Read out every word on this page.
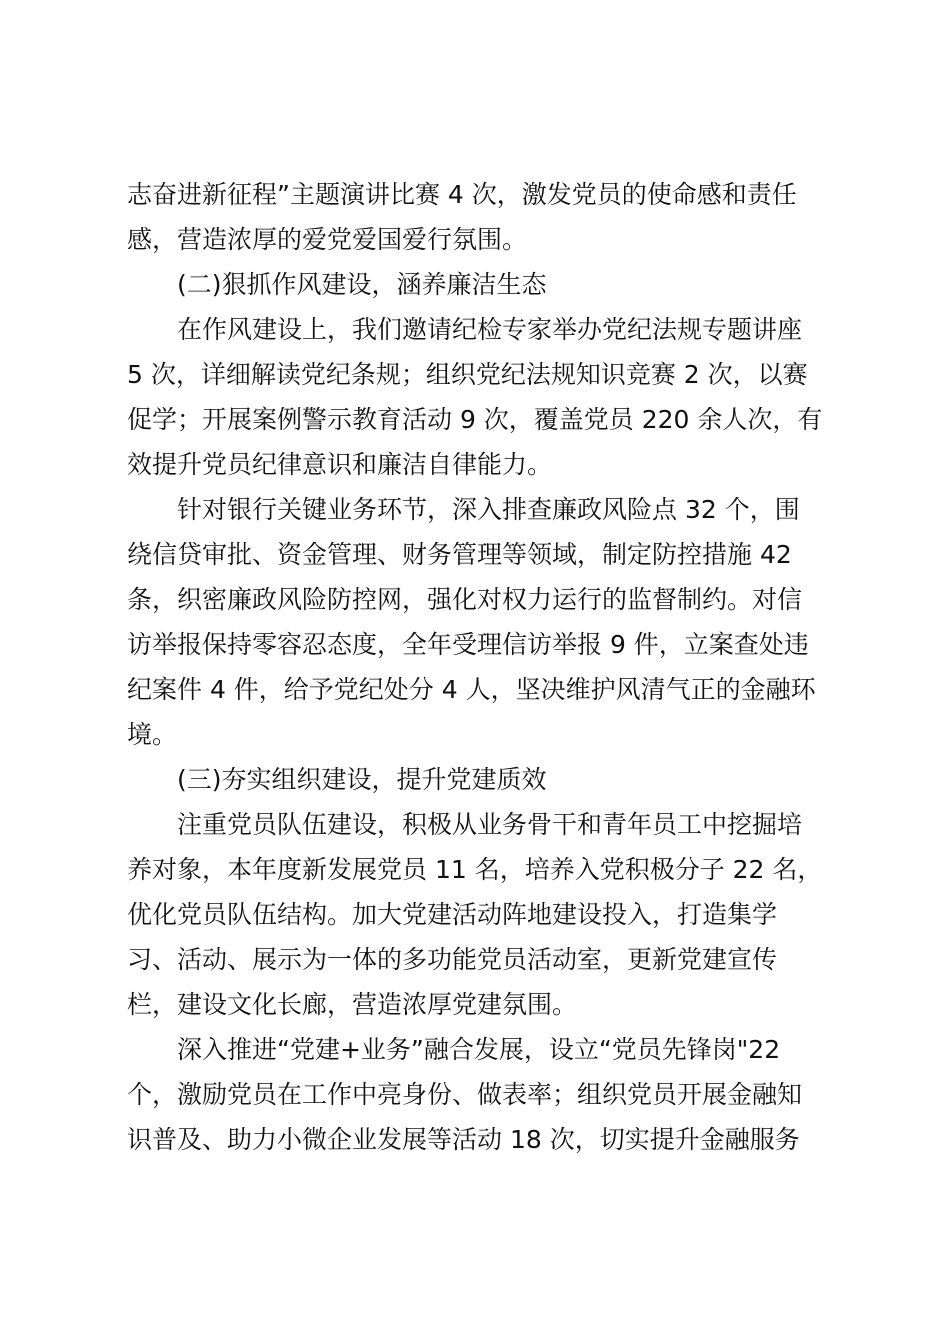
志奋进新征程”主题演讲比赛 4 次，激发党员的使命感和责任
感，营造浓厚的爱党爱国爱行氛围。
(二)狠抓作风建设，涵养廉洁生态
在作风建设上，我们邀请纪检专家举办党纪法规专题讲座
5 次，详细解读党纪条规；组织党纪法规知识竞赛 2 次，以赛
促学；开展案例警示教育活动 9 次，覆盖党员 220 余人次，有
效提升党员纪律意识和廉洁自律能力。
针对银行关键业务环节，深入排查廉政风险点 32 个，围
绕信贷审批、资金管理、财务管理等领域，制定防控措施 42
条，织密廉政风险防控网，强化对权力运行的监督制约。对信
访举报保持零容忍态度，全年受理信访举报 9 件，立案查处违
纪案件 4 件，给予党纪处分 4 人，坚决维护风清气正的金融环
境。
(三)夯实组织建设，提升党建质效
注重党员队伍建设，积极从业务骨干和青年员工中挖掘培
养对象，本年度新发展党员 11 名，培养入党积极分子 22 名，
优化党员队伍结构。加大党建活动阵地建设投入，打造集学
习、活动、展示为一体的多功能党员活动室，更新党建宣传
栏，建设文化长廊，营造浓厚党建氛围。
深入推进“党建+业务”融合发展，设立“党员先锋岗"22
个，激励党员在工作中亮身份、做表率；组织党员开展金融知
识普及、助力小微企业发展等活动 18 次，切实提升金融服务
